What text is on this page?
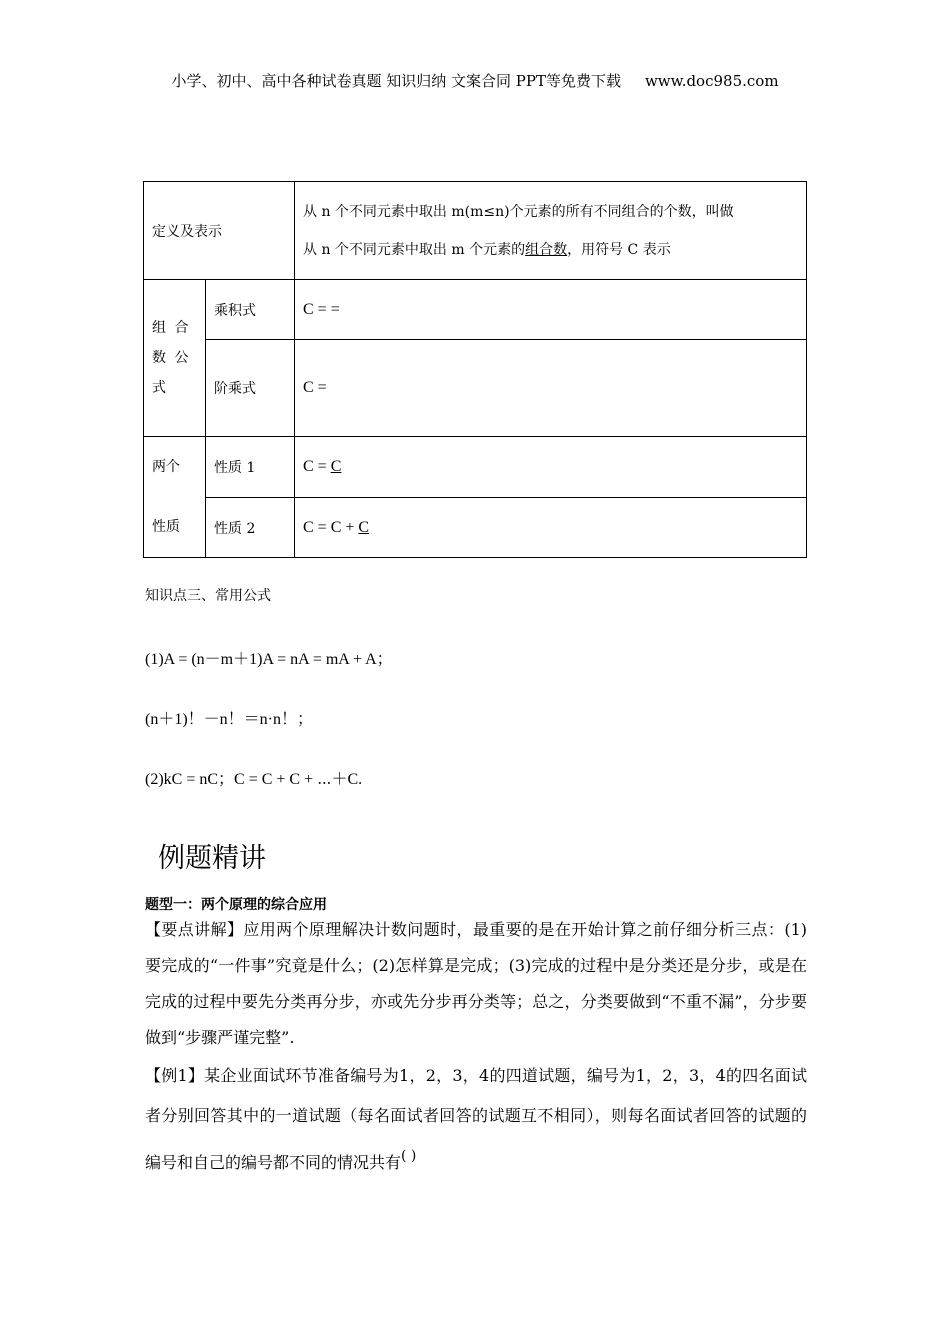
小学、初中、高中各种试卷真题 知识归纳 文案合同 PPT等免费下载 www.doc985.com
定义及表示		从 n 个不同元素中取出 m(m≤n)个元素的所有不同组合的个数，叫做
从 n 个不同元素中取出 m 个元素的组合数，用符号 C 表示

组 合 数 公式	乘积式	C = =
	阶乘式	C =
两个 性质	性质 1	C = C
	性质 2	C = C + C
知识点三、常用公式
(1)A = (n－m＋1)A = nA = mA + A；
(n＋1)！－n！＝n·n！；
(2)kC = nC；C = C + C + ⋯＋C.
例题精讲
题型一：两个原理的综合应用
【要点讲解】应用两个原理解决计数问题时，最重要的是在开始计算之前仔细分析三点：(1)要完成的“一件事”究竟是什么；(2)怎样算是完成；(3)完成的过程中是分类还是分步，或是在完成的过程中要先分类再分步，亦或先分步再分类等；总之，分类要做到“不重不漏”，分步要做到“步骤严谨完整”.
【例1】某企业面试环节准备编号为1，2，3，4的四道试题，编号为1，2，3，4的四名面试者分别回答其中的一道试题（每名面试者回答的试题互不相同），则每名面试者回答的试题的编号和自己的编号都不同的情况共有( )
